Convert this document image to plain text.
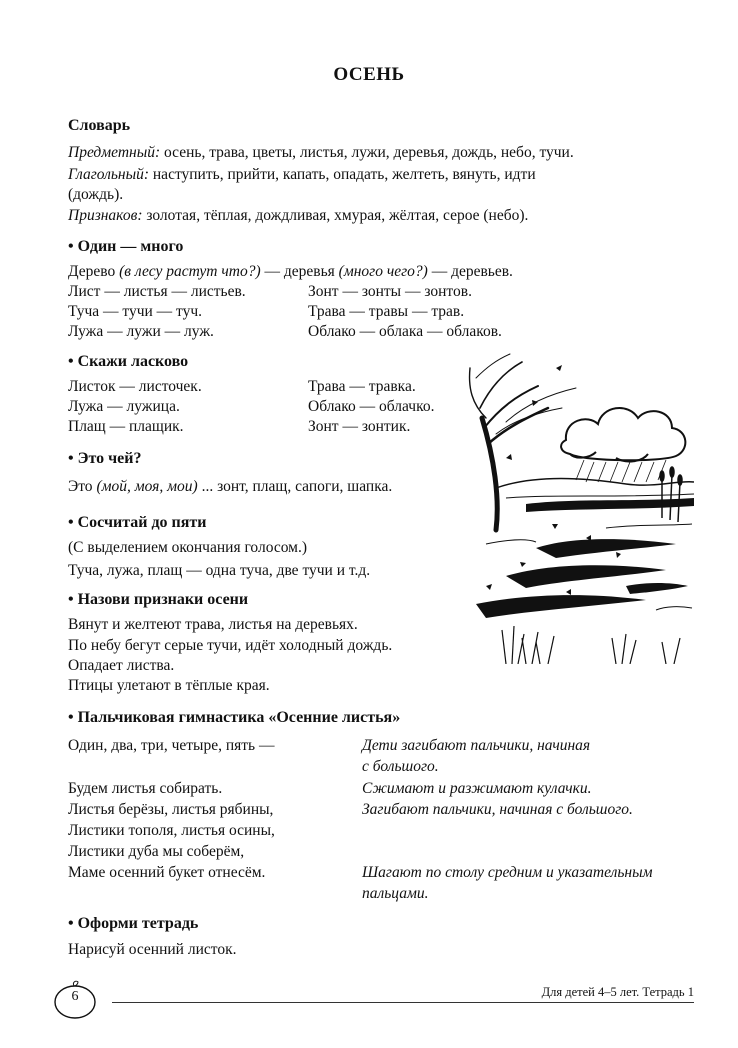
ОСЕНЬ
Словарь
Предметный: осень, трава, цветы, листья, лужи, деревья, дождь, небо, тучи.
Глагольный: наступить, прийти, капать, опадать, желтеть, вянуть, идти
(дождь).
Признаков: золотая, тёплая, дождливая, хмурая, жёлтая, серое (небо).
• Один — много
Дерево (в лесу растут что?) — деревья (много чего?) — деревьев.
Лист — листья — листьев.
Туча — тучи — туч.
Лужа — лужи — луж.
Зонт — зонты — зонтов.
Трава — травы — трав.
Облако — облака — облаков.
• Скажи ласково
Листок — листочек.
Лужа — лужица.
Плащ — плащик.
Трава — травка.
Облако — облачко.
Зонт — зонтик.
• Это чей?
Это (мой, моя, мои) ... зонт, плащ, сапоги, шапка.
• Сосчитай до пяти
(С выделением окончания голосом.)
Туча, лужа, плащ — одна туча, две тучи и т.д.
• Назови признаки осени
Вянут и желтеют трава, листья на деревьях.
По небу бегут серые тучи, идёт холодный дождь.
Опадает листва.
Птицы улетают в тёплые края.
• Пальчиковая гимнастика «Осенние листья»
Один, два, три, четыре, пять —
Будем листья собирать.
Листья берёзы, листья рябины,
Листики тополя, листья осины,
Листики дуба мы соберём,
Маме осенний букет отнесём.
Дети загибают пальчики, начиная
с большого.
Сжимают и разжимают кулачки.
Загибают пальчики, начиная с большого.
Шагают по столу средним и указательным
пальцами.
• Оформи тетрадь
Нарисуй осенний листок.
6	Для детей 4–5 лет. Тетрадь 1
